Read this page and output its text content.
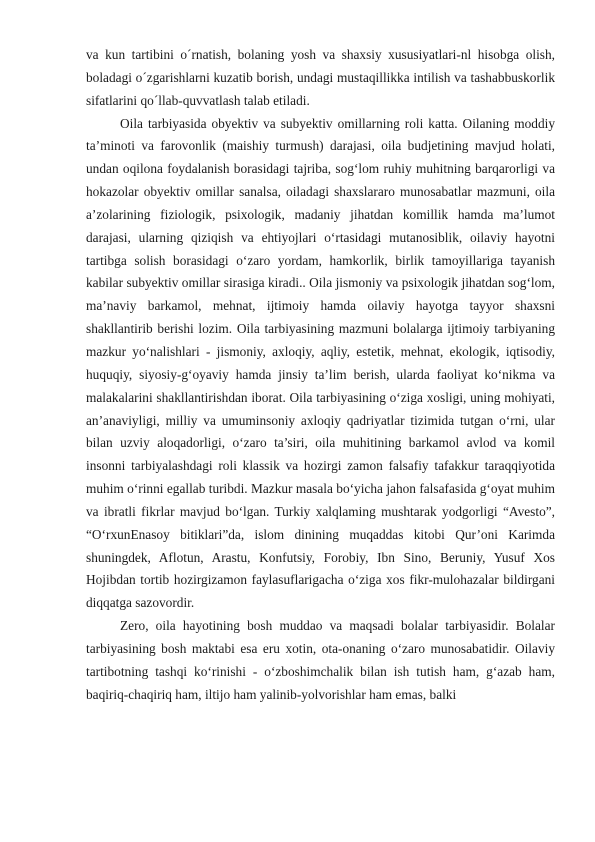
va kun tartibini o´rnatish, bolaning yosh va shaxsiy xususiyatlari-nl hisobga olish, boladagi o´zgarishlarni kuzatib borish, undagi mustaqillikka intilish va tashabbuskorlik sifatlarini qo´llab-quvvatlash talab etiladi.

Oila tarbiyasida obyektiv va subyektiv omillarning roli katta. Oilaning moddiy ta’minoti va farovonlik (maishiy turmush) darajasi, oila budjetining mavjud holati, undan oqilona foydalanish borasidagi tajriba, sog‘lom ruhiy muhitning barqarorligi va hokazolar obyektiv omillar sanalsa, oiladagi shaxslararo munosabatlar mazmuni, oila a’zolarining fiziologik, psixologik, madaniy jihatdan komillik hamda ma’lumot darajasi, ularning qiziqish va ehtiyojlari o‘rtasidagi mutanosiblik, oilaviy hayotni tartibga solish borasidagi o‘zaro yordam, hamkorlik, birlik tamoyillariga tayanish kabilar subyektiv omillar sirasiga kiradi.. Oila jismoniy va psixologik jihatdan sog‘lom, ma’naviy barkamol, mehnat, ijtimoiy hamda oilaviy hayotga tayyor shaxsni shakllantirib berishi lozim. Oila tarbiyasining mazmuni bolalarga ijtimoiy tarbiyaning mazkur yo‘nalishlari - jismoniy, axloqiy, aqliy, estetik, mehnat, ekologik, iqtisodiy, huquqiy, siyosiy-g‘oyaviy hamda jinsiy ta’lim berish, ularda faoliyat ko‘nikma va malakalarini shakllantirishdan iborat. Oila tarbiyasining o‘ziga xosligi, uning mohiyati, an’anaviyligi, milliy va umuminsoniy axloqiy qadriyatlar tizimida tutgan o‘rni, ular bilan uzviy aloqadorligi, o‘zaro ta’siri, oila muhitining barkamol avlod va komil insonni tarbiyalashdagi roli klassik va hozirgi zamon falsafiy tafakkur taraqqiyotida muhim o‘rinni egallab turibdi. Mazkur masala bo‘yicha jahon falsafasida g‘oyat muhim va ibratli fikrlar mavjud bo‘lgan. Turkiy xalqlaming mushtarak yodgorligi “Avesto”, “O‘rxunEnasoy bitiklari”da, islom dinining muqaddas kitobi Qur’oni Karimda shuningdek, Aflotun, Arastu, Konfutsiy, Forobiy, Ibn Sino, Beruniy, Yusuf Xos Hojibdan tortib hozirgizamon faylasuflarigacha o‘ziga xos fikr-mulohazalar bildirgani diqqatga sazovordir.

Zero, oila hayotining bosh muddao va maqsadi bolalar tarbiyasidir. Bolalar tarbiyasining bosh maktabi esa eru xotin, ota-onaning o‘zaro munosabatidir. Oilaviy tartibotning tashqi ko‘rinishi - o‘zboshimchalik bilan ish tutish ham, g‘azab ham, baqiriq-chaqiriq ham, iltijo ham yalinib-yolvorishlar ham emas, balki
